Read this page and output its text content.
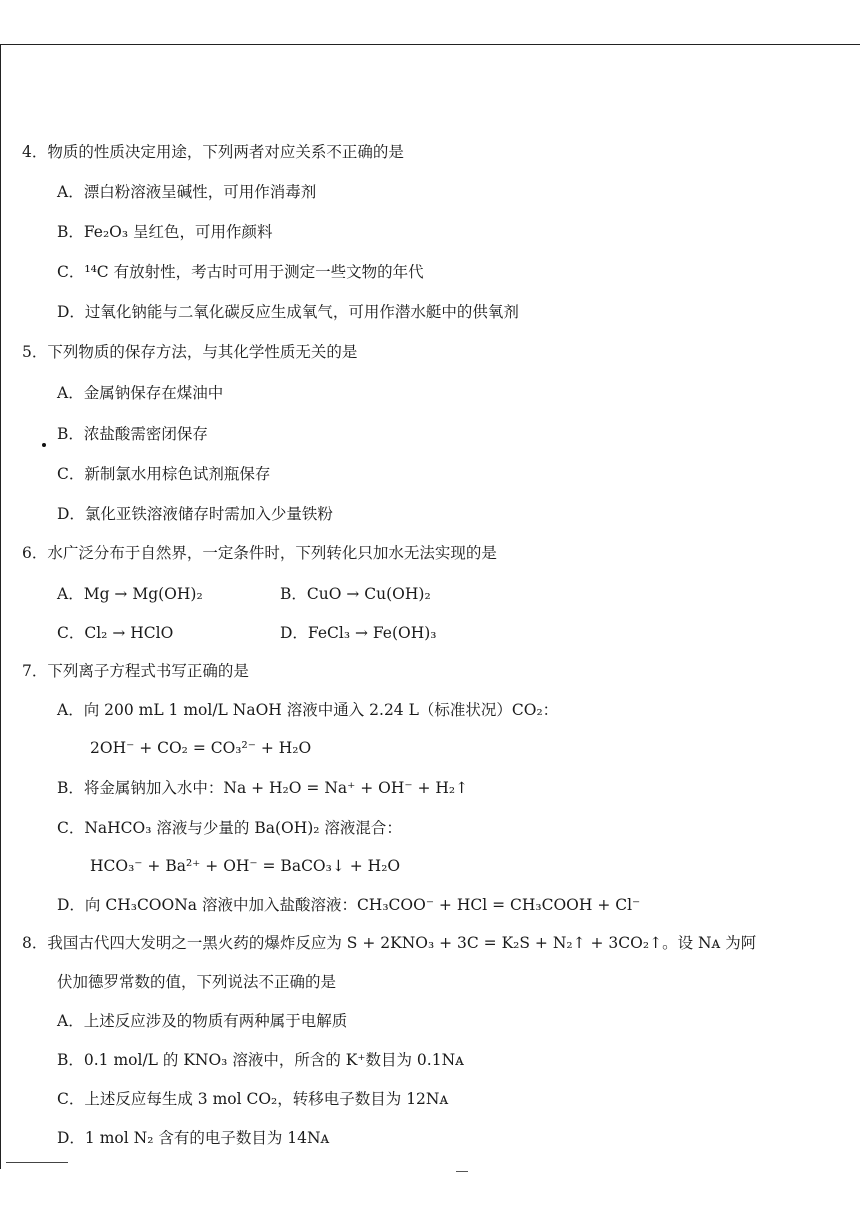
4．物质的性质决定用途，下列两者对应关系不正确的是
A．漂白粉溶液呈碱性，可用作消毒剂
B．Fe₂O₃ 呈红色，可用作颜料
C．¹⁴C 有放射性，考古时可用于测定一些文物的年代
D．过氧化钠能与二氧化碳反应生成氧气，可用作潜水艇中的供氧剂
5．下列物质的保存方法，与其化学性质无关的是
A．金属钠保存在煤油中
B．浓盐酸需密闭保存
C．新制氯水用棕色试剂瓶保存
D．氯化亚铁溶液储存时需加入少量铁粉
6．水广泛分布于自然界，一定条件时，下列转化只加水无法实现的是
A．Mg → Mg(OH)₂	B．CuO → Cu(OH)₂
C．Cl₂ → HClO	D．FeCl₃ → Fe(OH)₃
7．下列离子方程式书写正确的是
A．向 200 mL 1 mol/L NaOH 溶液中通入 2.24 L（标准状况）CO₂：
2OH⁻ + CO₂ = CO₃²⁻ + H₂O
B．将金属钠加入水中：Na + H₂O = Na⁺ + OH⁻ + H₂↑
C．NaHCO₃ 溶液与少量的 Ba(OH)₂ 溶液混合：
HCO₃⁻ + Ba²⁺ + OH⁻ = BaCO₃↓ + H₂O
D．向 CH₃COONa 溶液中加入盐酸溶液：CH₃COO⁻ + HCl = CH₃COOH + Cl⁻
8．我国古代四大发明之一黑火药的爆炸反应为 S + 2KNO₃ + 3C = K₂S + N₂↑ + 3CO₂↑。设 Nᴀ 为阿
伏加德罗常数的值，下列说法不正确的是
A．上述反应涉及的物质有两种属于电解质
B．0.1 mol/L 的 KNO₃ 溶液中，所含的 K⁺数目为 0.1Nᴀ
C．上述反应每生成 3 mol CO₂，转移电子数目为 12Nᴀ
D．1 mol N₂ 含有的电子数目为 14Nᴀ
